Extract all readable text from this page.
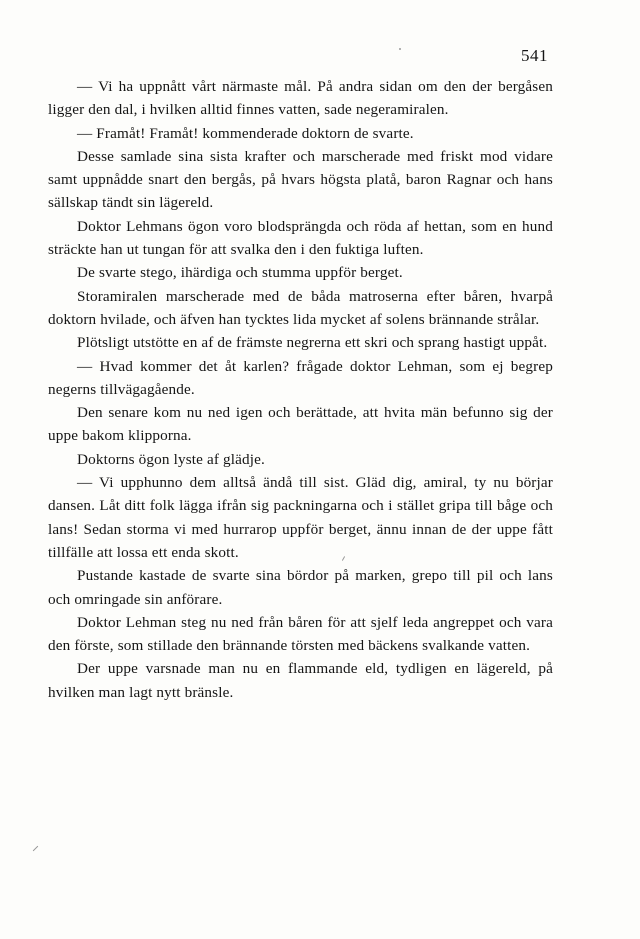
541

— Vi ha uppnått vårt närmaste mål. På andra sidan om den der bergåsen ligger den dal, i hvilken alltid finnes vatten, sade negeramiralen.

— Framåt! Framåt! kommenderade doktorn de svarte.

Desse samlade sina sista krafter och marscherade med friskt mod vidare samt uppnådde snart den bergås, på hvars högsta platå, baron Ragnar och hans sällskap tändt sin lägereld.

Doktor Lehmans ögon voro blodsprängda och röda af hettan, som en hund sträckte han ut tungan för att svalka den i den fuktiga luften.

De svarte stego, ihärdiga och stumma uppför berget.

Storamiralen marscherade med de båda matroserna efter båren, hvarpå doktorn hvilade, och äfven han tycktes lida mycket af solens brännande strålar.

Plötsligt utstötte en af de främste negrerna ett skri och sprang hastigt uppåt.

— Hvad kommer det åt karlen? frågade doktor Lehman, som ej begrep negerns tillvägagående.

Den senare kom nu ned igen och berättade, att hvita män befunno sig der uppe bakom klipporna.

Doktorns ögon lyste af glädje.

— Vi upphunno dem alltså ändå till sist. Gläd dig, amiral, ty nu börjar dansen. Låt ditt folk lägga ifrån sig packningarna och i stället gripa till båge och lans! Sedan storma vi med hurrarop uppför berget, ännu innan de der uppe fått tillfälle att lossa ett enda skott.

Pustande kastade de svarte sina bördor på marken, grepo till pil och lans och omringade sin anförare.

Doktor Lehman steg nu ned från båren för att sjelf leda angreppet och vara den förste, som stillade den brännande törsten med bäckens svalkande vatten.

Der uppe varsnade man nu en flammande eld, tydligen en lägereld, på hvilken man lagt nytt bränsle.
